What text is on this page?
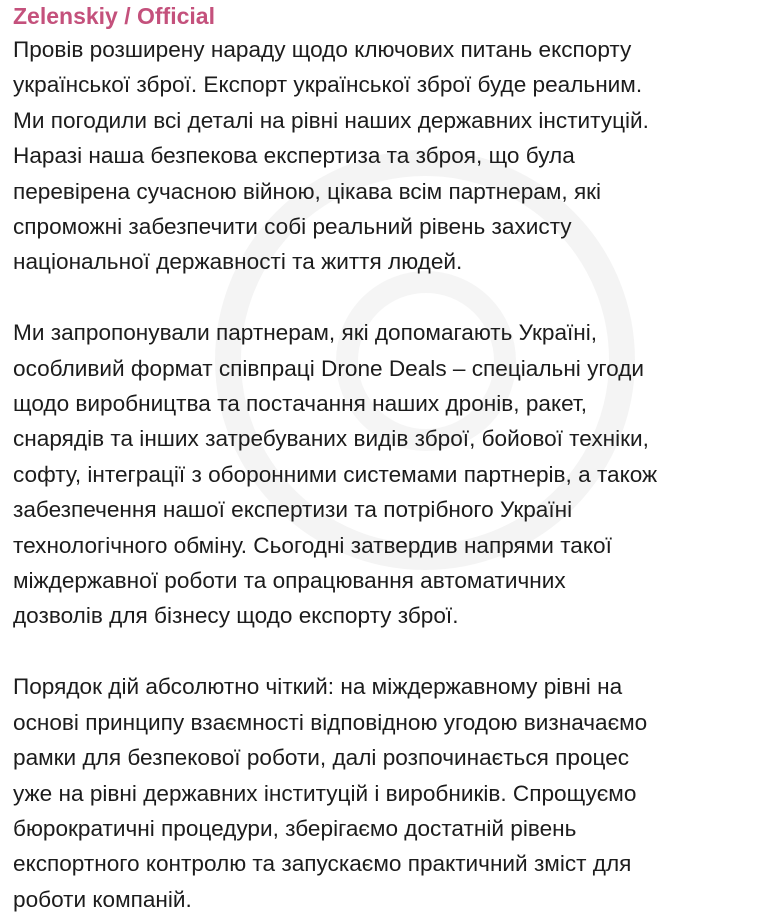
Zelenskiy / Official
Провів розширену нараду щодо ключових питань експорту
української зброї. Експорт української зброї буде реальним.
Ми погодили всі деталі на рівні наших державних інституцій.
Наразі наша безпекова експертиза та зброя, що була
перевірена сучасною війною, цікава всім партнерам, які
спроможні забезпечити собі реальний рівень захисту
національної державності та життя людей.
Ми запропонували партнерам, які допомагають Україні,
особливий формат співпраці Drone Deals – спеціальні угоди
щодо виробництва та постачання наших дронів, ракет,
снарядів та інших затребуваних видів зброї, бойової техніки,
софту, інтеграції з оборонними системами партнерів, а також
забезпечення нашої експертизи та потрібного Україні
технологічного обміну. Сьогодні затвердив напрями такої
міждержавної роботи та опрацювання автоматичних
дозволів для бізнесу щодо експорту зброї.
Порядок дій абсолютно чіткий: на міждержавному рівні на
основі принципу взаємності відповідною угодою визначаємо
рамки для безпекової роботи, далі розпочинається процес
уже на рівні державних інституцій і виробників. Спрощуємо
бюрократичні процедури, зберігаємо достатній рівень
експортного контролю та запускаємо практичний зміст для
роботи компаній.
